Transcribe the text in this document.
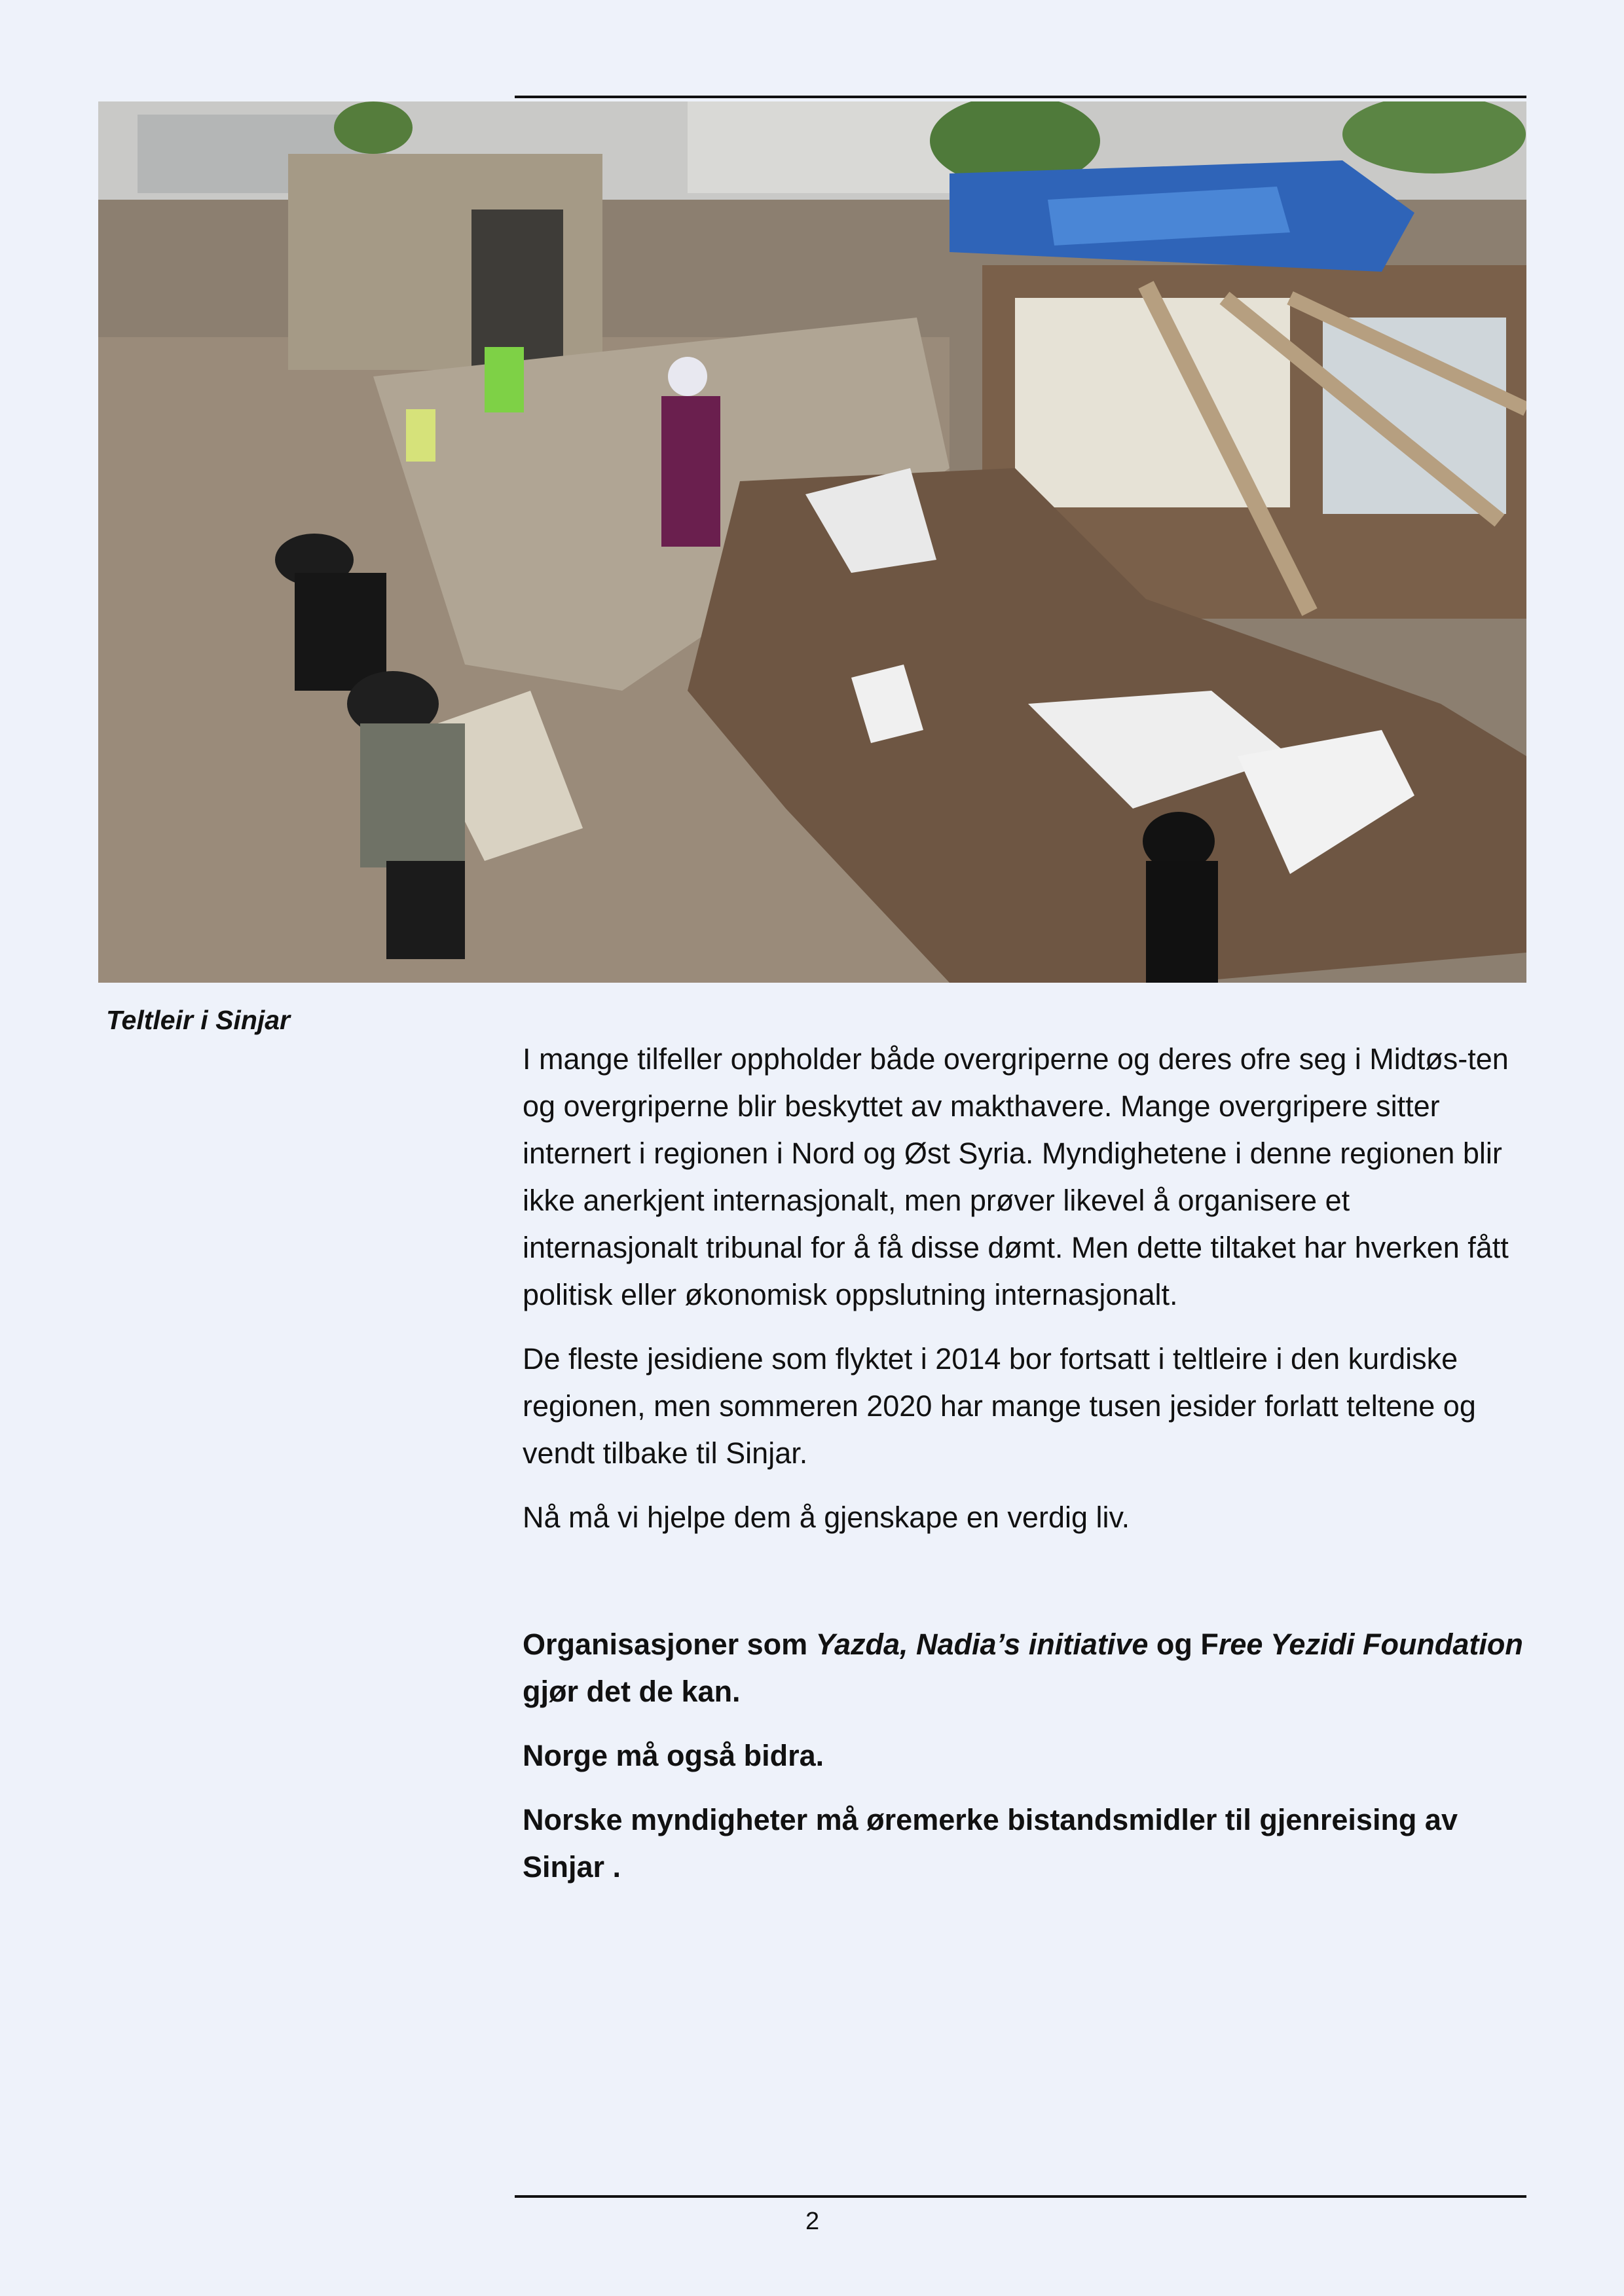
Teltleir i Sinjar

I mange tilfeller oppholder både overgriperne og deres ofre seg i Midtøs-ten og overgriperne blir beskyttet av makthavere. Mange overgripere sitter internert i regionen i Nord og Øst Syria. Myndighetene i denne regionen blir ikke anerkjent internasjonalt, men prøver likevel å organisere et internasjonalt tribunal for å få disse dømt. Men dette tiltaket har hverken fått politisk eller økonomisk oppslutning internasjonalt.

De fleste jesidiene som flyktet i 2014 bor fortsatt i teltleire i den kurdiske regionen, men sommeren 2020 har mange tusen jesider forlatt teltene og vendt tilbake til Sinjar.

Nå må vi hjelpe dem å gjenskape en verdig liv.

Organisasjoner som Yazda, Nadia’s initiative og Free Yezidi Foundation gjør det de kan.

Norge må også bidra.

Norske myndigheter må øremerke bistandsmidler til gjenreising av Sinjar .

2
